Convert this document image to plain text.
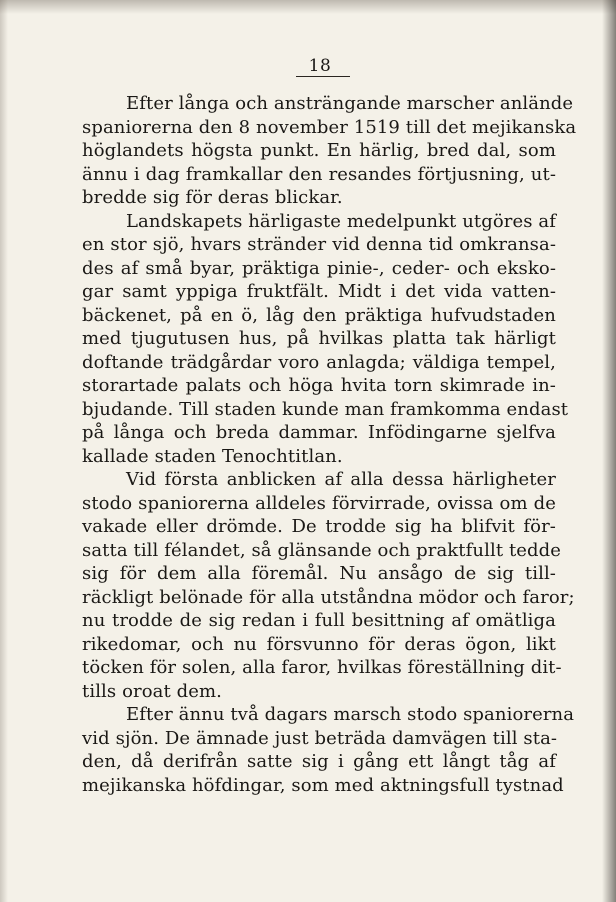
18
Efter långa och ansträngande marscher anlände
spaniorerna den 8 november 1519 till det mejikanska
höglandets högsta punkt. En härlig, bred dal, som
ännu i dag framkallar den resandes förtjusning, ut-
bredde sig för deras blickar.
Landskapets härligaste medelpunkt utgöres af
en stor sjö, hvars stränder vid denna tid omkransa-
des af små byar, präktiga pinie-, ceder- och eksko-
gar samt yppiga fruktfält. Midt i det vida vatten-
bäckenet, på en ö, låg den präktiga hufvudstaden
med tjugutusen hus, på hvilkas platta tak härligt
doftande trädgårdar voro anlagda; väldiga tempel,
storartade palats och höga hvita torn skimrade in-
bjudande. Till staden kunde man framkomma endast
på långa och breda dammar. Infödingarne sjelfva
kallade staden Tenochtitlan.
Vid första anblicken af alla dessa härligheter
stodo spaniorerna alldeles förvirrade, ovissa om de
vakade eller drömde. De trodde sig ha blifvit för-
satta till félandet, så glänsande och praktfullt tedde
sig för dem alla föremål. Nu ansågo de sig till-
räckligt belönade för alla utståndna mödor och faror;
nu trodde de sig redan i full besittning af omätliga
rikedomar, och nu försvunno för deras ögon, likt
töcken för solen, alla faror, hvilkas föreställning dit-
tills oroat dem.
Efter ännu två dagars marsch stodo spaniorerna
vid sjön. De ämnade just beträda damvägen till sta-
den, då derifrån satte sig i gång ett långt tåg af
mejikanska höfdingar, som med aktningsfull tystnad
